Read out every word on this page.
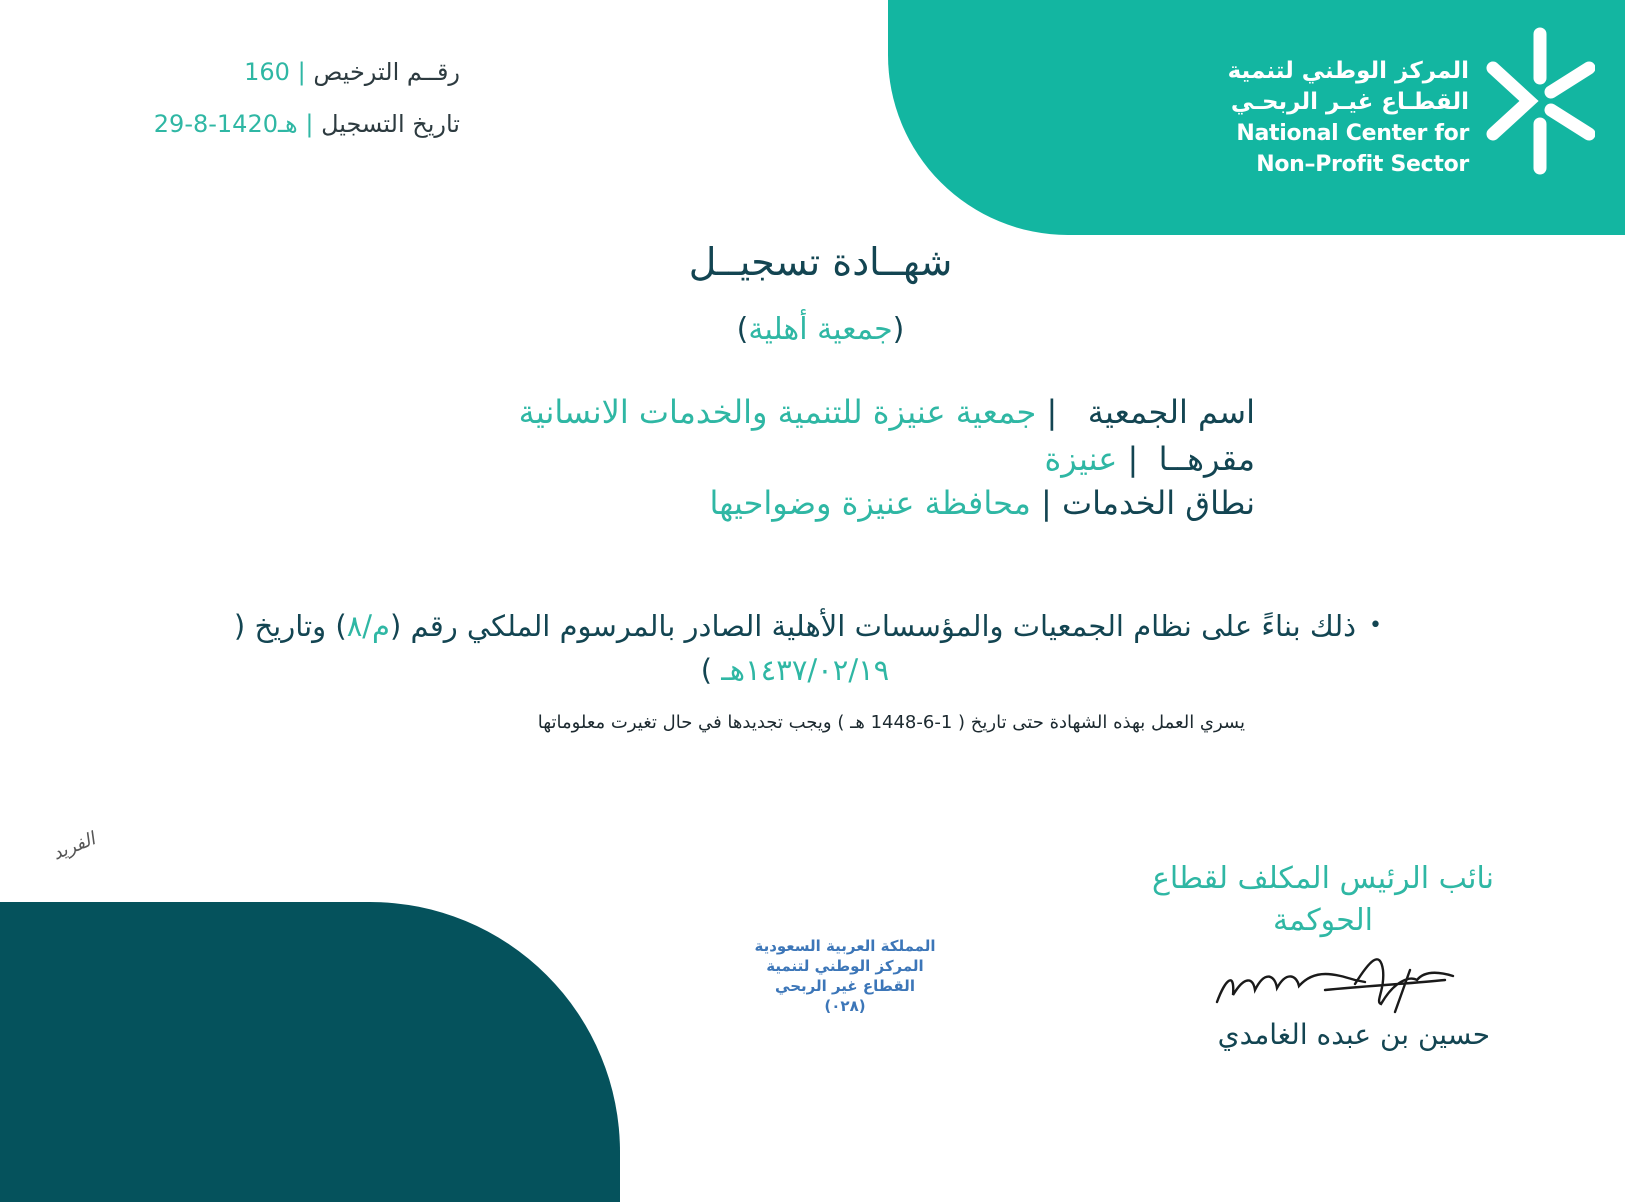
المركز الوطني لتنمية
القطـاع غيـر الربحـي
National Center for
Non–Profit Sector
رقــم الترخيص | 160
تاريخ التسجيل | 29-8-1420هـ
شهــادة تسجيــل
(جمعية أهلية)
اسم الجمعية   | جمعية عنيزة للتنمية والخدمات الانسانية
مقرهــا  | عنيزة
نطاق الخدمات | محافظة عنيزة وضواحيها
•
ذلك بناءً على نظام الجمعيات والمؤسسات الأهلية الصادر بالمرسوم الملكي رقم (م/٨) وتاريخ ( ١٤٣٧/٠٢/١٩هـ )
يسري العمل بهذه الشهادة حتى تاريخ ( 1-6-1448 هـ ) ويجب تجديدها في حال تغيرت معلوماتها
الفريد
المملكة العربية السعودية
المركز الوطني لتنمية
القطاع غير الربحي
(٠٢٨)
نائب الرئيس المكلف لقطاع الحوكمة
حسين بن عبده الغامدي
